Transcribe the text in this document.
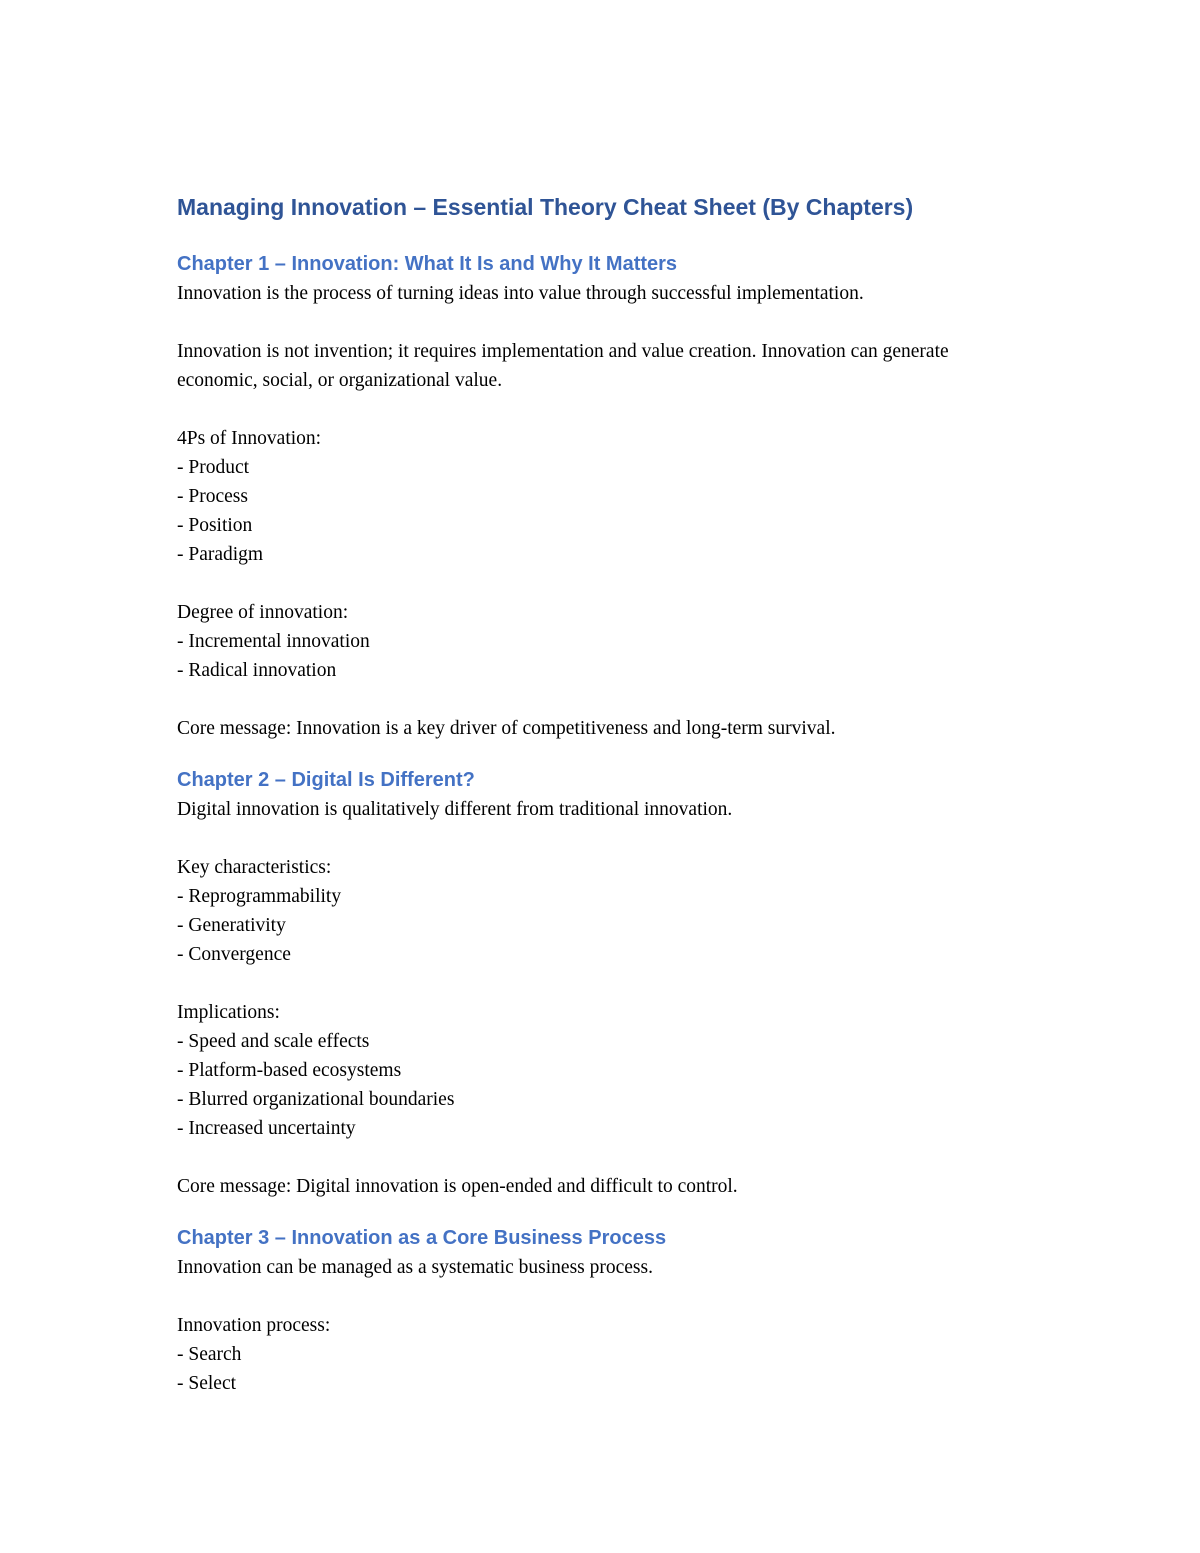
Managing Innovation – Essential Theory Cheat Sheet (By Chapters)
Chapter 1 – Innovation: What It Is and Why It Matters

Innovation is the process of turning ideas into value through successful implementation.

Innovation is not invention; it requires implementation and value creation. Innovation can generate economic, social, or organizational value.

4Ps of Innovation:

- Product
- Process
- Position
- Paradigm

Degree of innovation:

- Incremental innovation
- Radical innovation

Core message: Innovation is a key driver of competitiveness and long-term survival.

Chapter 2 – Digital Is Different?

Digital innovation is qualitatively different from traditional innovation.

Key characteristics:

- Reprogrammability
- Generativity
- Convergence

Implications:

- Speed and scale effects
- Platform-based ecosystems
- Blurred organizational boundaries
- Increased uncertainty

Core message: Digital innovation is open-ended and difficult to control.

Chapter 3 – Innovation as a Core Business Process

Innovation can be managed as a systematic business process.

Innovation process:

- Search
- Select
